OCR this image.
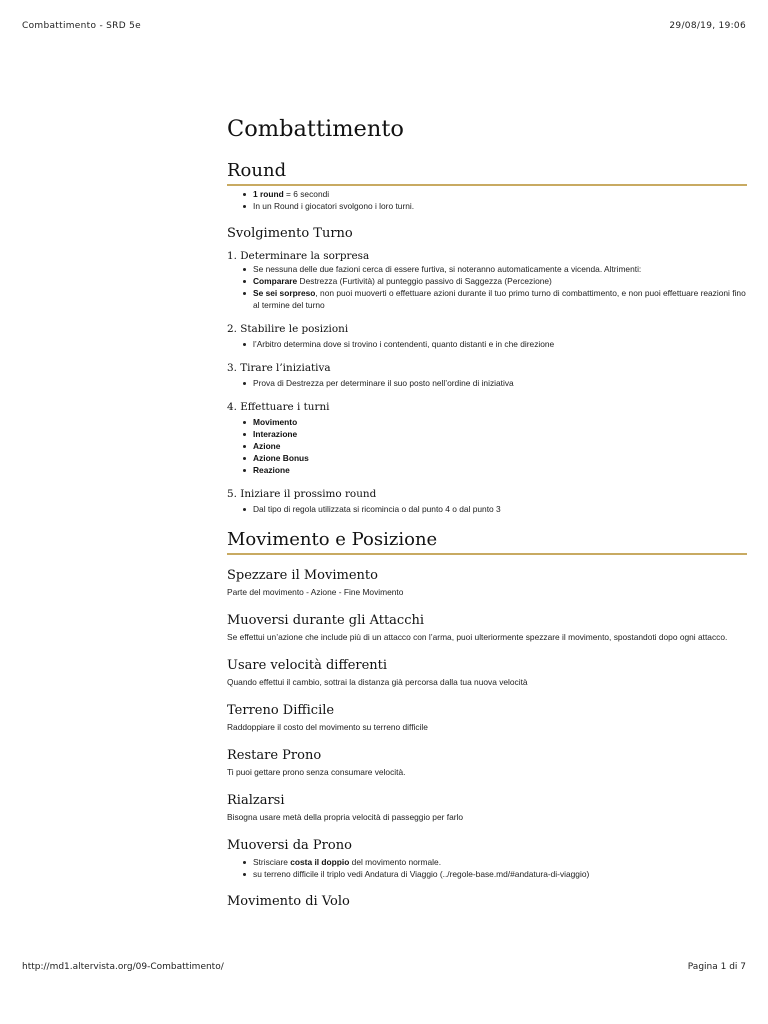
Combattimento - SRD 5e	29/08/19, 19:06
Combattimento
Round
1 round = 6 secondi
In un Round i giocatori svolgono i loro turni.
Svolgimento Turno
1. Determinare la sorpresa
Se nessuna delle due fazioni cerca di essere furtiva, si noteranno automaticamente a vicenda. Altrimenti:
Comparare Destrezza (Furtività) al punteggio passivo di Saggezza (Percezione)
Se sei sorpreso, non puoi muoverti o effettuare azioni durante il tuo primo turno di combattimento, e non puoi effettuare reazioni fino al termine del turno
2. Stabilire le posizioni
l’Arbitro determina dove si trovino i contendenti, quanto distanti e in che direzione
3. Tirare l’iniziativa
Prova di Destrezza per determinare il suo posto nell’ordine di iniziativa
4. Effettuare i turni
Movimento
Interazione
Azione
Azione Bonus
Reazione
5. Iniziare il prossimo round
Dal tipo di regola utilizzata si ricomincia o dal punto 4 o dal punto 3
Movimento e Posizione
Spezzare il Movimento

Parte del movimento - Azione - Fine Movimento

Muoversi durante gli Attacchi

Se effettui un’azione che include più di un attacco con l’arma, puoi ulteriormente spezzare il movimento, spostandoti dopo ogni attacco.

Usare velocità differenti

Quando effettui il cambio, sottrai la distanza già percorsa dalla tua nuova velocità

Terreno Difficile

Raddoppiare il costo del movimento su terreno difficile

Restare Prono

Ti puoi gettare prono senza consumare velocità.

Rialzarsi

Bisogna usare metà della propria velocità di passeggio per farlo

Muoversi da Prono
Strisciare costa il doppio del movimento normale.
su terreno difficile il triplo vedi Andatura di Viaggio (../regole-base.md/#andatura-di-viaggio)
Movimento di Volo
http://md1.altervista.org/09-Combattimento/	Pagina 1 di 7
